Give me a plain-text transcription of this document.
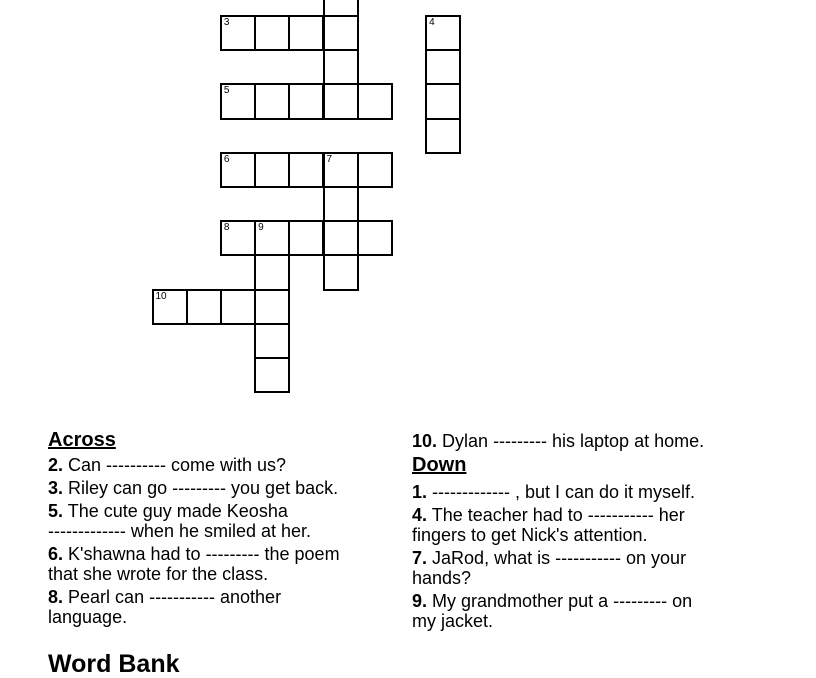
3	4
5
6	7
8	9
10
Across
2. Can ---------- come with us?
3. Riley can go --------- you get back.
5. The cute guy made Keosha
------------- when he smiled at her.
6. K'shawna had to --------- the poem
that she wrote for the class.
8. Pearl can ----------- another
language.
10. Dylan --------- his laptop at home.
Down
1. ------------- , but I can do it myself.
4. The teacher had to ----------- her
fingers to get Nick's attention.
7. JaRod, what is ----------- on your
hands?
9. My grandmother put a --------- on
my jacket.
Word Bank
